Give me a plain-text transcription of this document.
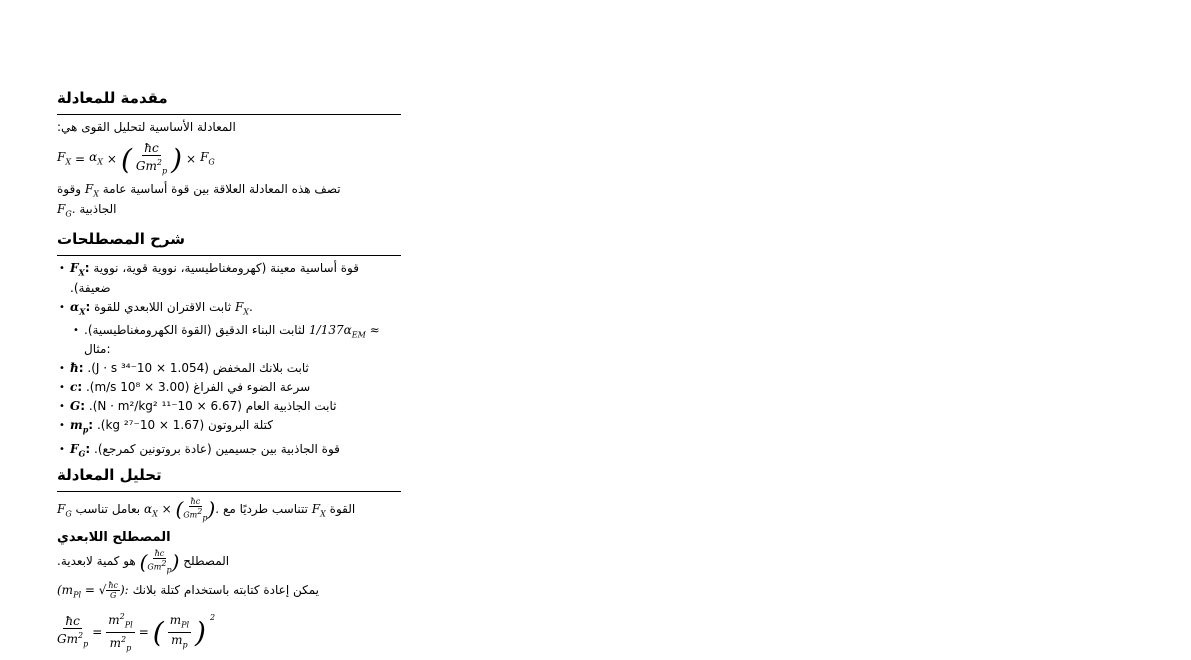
مقدمة للمعادلة

المعادلة الأساسية لتحليل القوى هي:

$F_X = \alpha_X$ × ( $\frac{ħc}{Gm^2_p}$ ) × $F_G$

تصف هذه المعادلة العلاقة بين قوة أساسية عامة $F_X$ وقوة

الجاذبية $F_G$.

شرح المصطلحات
• $F_X$: قوة أساسية معينة (كهرومغناطيسية، نووية قوية، نووية ضعيفة).
• $\alpha_X$: ثابت الاقتران اللابعدي للقوة $F_X$.
• لثابت البناء الدقيق (القوة الكهرومغناطيسية). $1/137\alpha_{EM}$ ≈ مثال:
• ħ: ثابت بلانك المخفض (1.054 × 10⁻³⁴ J · s).
• c: سرعة الضوء في الفراغ (3.00 × 10⁸ m/s).
• G: ثابت الجاذبية العام (6.67 × 10⁻¹¹ N · m²/kg²).
• $m_p$: كتلة البروتون (1.67 × 10⁻²⁷ kg).
• $F_G$: قوة الجاذبية بين جسيمين (عادة بروتونين كمرجع).
تحليل المعادلة

القوة $F_X$ تتناسب طرديًا مع $\alpha_X$ × ( $\frac{ħc}{Gm^2_p}$ ). بعامل تناسب $F_G$

المصطلح اللابعدي

المصطلح ( $\frac{ħc}{Gm^2_p}$ ) هو كمية لابعدية.

يمكن إعادة كتابته باستخدام كتلة بلانك ($m_{Pl}$ = √ $\frac{ħc}{G}$ ):

$\frac{ħc}{Gm^2_p} = \frac{m^2_{Pl}}{m^2_p}$ = ( $\frac{m_{Pl}}{m_p}$ ) 2
